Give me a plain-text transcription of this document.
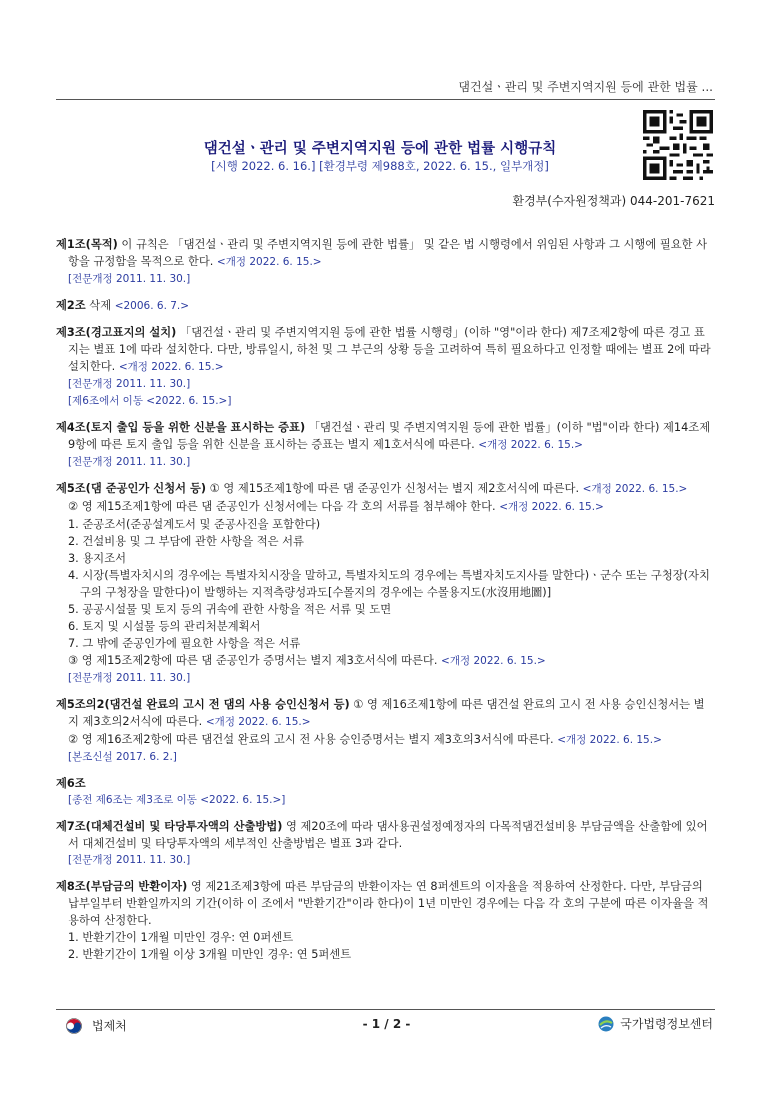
댐건설ㆍ관리 및 주변지역지원 등에 관한 법률 ...
댐건설ㆍ관리 및 주변지역지원 등에 관한 법률 시행규칙
[시행 2022. 6. 16.] [환경부령 제988호, 2022. 6. 15., 일부개정]
환경부(수자원정책과) 044-201-7621

제1조(목적) 이 규칙은 「댐건설ㆍ관리 및 주변지역지원 등에 관한 법률」 및 같은 법 시행령에서 위임된 사항과 그 시행에 필요한 사항을 규정함을 목적으로 한다. <개정 2022. 6. 15.>

[전문개정 2011. 11. 30.]

제2조 삭제 <2006. 6. 7.>

제3조(경고표지의 설치) 「댐건설ㆍ관리 및 주변지역지원 등에 관한 법률 시행령」(이하 "영"이라 한다) 제7조제2항에 따른 경고 표지는 별표 1에 따라 설치한다. 다만, 방류일시, 하천 및 그 부근의 상황 등을 고려하여 특히 필요하다고 인정할 때에는 별표 2에 따라 설치한다. <개정 2022. 6. 15.>

[전문개정 2011. 11. 30.]

[제6조에서 이동 <2022. 6. 15.>]

제4조(토지 출입 등을 위한 신분을 표시하는 증표) 「댐건설ㆍ관리 및 주변지역지원 등에 관한 법률」(이하 "법"이라 한다) 제14조제9항에 따른 토지 출입 등을 위한 신분을 표시하는 증표는 별지 제1호서식에 따른다. <개정 2022. 6. 15.>

[전문개정 2011. 11. 30.]

제5조(댐 준공인가 신청서 등) ① 영 제15조제1항에 따른 댐 준공인가 신청서는 별지 제2호서식에 따른다. <개정 2022. 6. 15.>

② 영 제15조제1항에 따른 댐 준공인가 신청서에는 다음 각 호의 서류를 첨부해야 한다. <개정 2022. 6. 15.>

1. 준공조서(준공설계도서 및 준공사진을 포함한다)

2. 건설비용 및 그 부담에 관한 사항을 적은 서류

3. 용지조서

4. 시장(특별자치시의 경우에는 특별자치시장을 말하고, 특별자치도의 경우에는 특별자치도지사를 말한다)ㆍ군수 또는 구청장(자치구의 구청장을 말한다)이 발행하는 지적측량성과도[수몰지의 경우에는 수몰용지도(水沒用地圖)]

5. 공공시설물 및 토지 등의 귀속에 관한 사항을 적은 서류 및 도면

6. 토지 및 시설물 등의 관리처분계획서

7. 그 밖에 준공인가에 필요한 사항을 적은 서류

③ 영 제15조제2항에 따른 댐 준공인가 증명서는 별지 제3호서식에 따른다. <개정 2022. 6. 15.>

[전문개정 2011. 11. 30.]

제5조의2(댐건설 완료의 고시 전 댐의 사용 승인신청서 등) ① 영 제16조제1항에 따른 댐건설 완료의 고시 전 사용 승인신청서는 별지 제3호의2서식에 따른다. <개정 2022. 6. 15.>

② 영 제16조제2항에 따른 댐건설 완료의 고시 전 사용 승인증명서는 별지 제3호의3서식에 따른다. <개정 2022. 6. 15.>

[본조신설 2017. 6. 2.]

제6조

[종전 제6조는 제3조로 이동 <2022. 6. 15.>]

제7조(대체건설비 및 타당투자액의 산출방법) 영 제20조에 따라 댐사용권설정예정자의 다목적댐건설비용 부담금액을 산출함에 있어서 대체건설비 및 타당투자액의 세부적인 산출방법은 별표 3과 같다.

[전문개정 2011. 11. 30.]

제8조(부담금의 반환이자) 영 제21조제3항에 따른 부담금의 반환이자는 연 8퍼센트의 이자율을 적용하여 산정한다. 다만, 부담금의 납부일부터 반환일까지의 기간(이하 이 조에서 "반환기간"이라 한다)이 1년 미만인 경우에는 다음 각 호의 구분에 따른 이자율을 적용하여 산정한다.

1. 반환기간이 1개월 미만인 경우: 연 0퍼센트

2. 반환기간이 1개월 이상 3개월 미만인 경우: 연 5퍼센트

법제처	- 1 / 2 -	국가법령정보센터
